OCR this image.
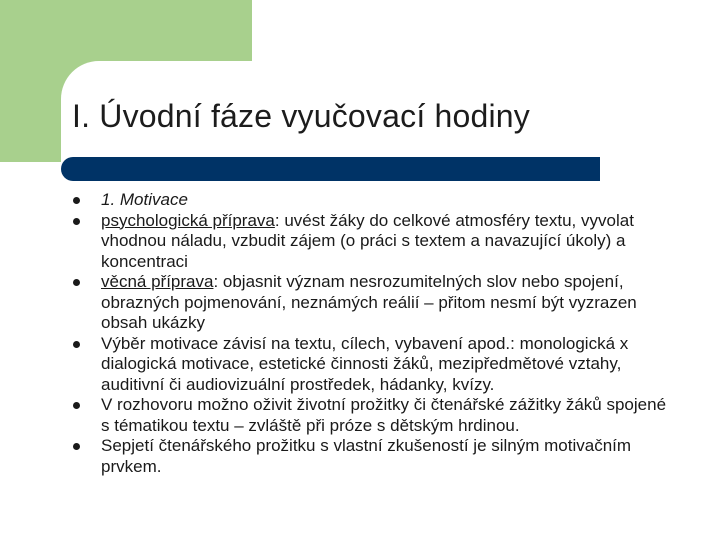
I. Úvodní fáze vyučovací hodiny
1. Motivace
psychologická příprava: uvést žáky do celkové atmosféry textu, vyvolat vhodnou náladu, vzbudit zájem (o práci s textem a navazující úkoly) a koncentraci
věcná příprava: objasnit význam nesrozumitelných slov nebo spojení, obrazných pojmenování, neznámých reálií – přitom nesmí být vyzrazen obsah ukázky
Výběr motivace závisí na textu, cílech, vybavení apod.: monologická x dialogická motivace, estetické činnosti žáků, mezipředmětové vztahy, auditivní či audiovizuální prostředek, hádanky, kvízy.
V rozhovoru možno oživit životní prožitky či čtenářské zážitky žáků spojené s tématikou textu – zvláště při próze s dětským hrdinou.
Sepjetí čtenářského prožitku s vlastní zkušeností je silným motivačním prvkem.
